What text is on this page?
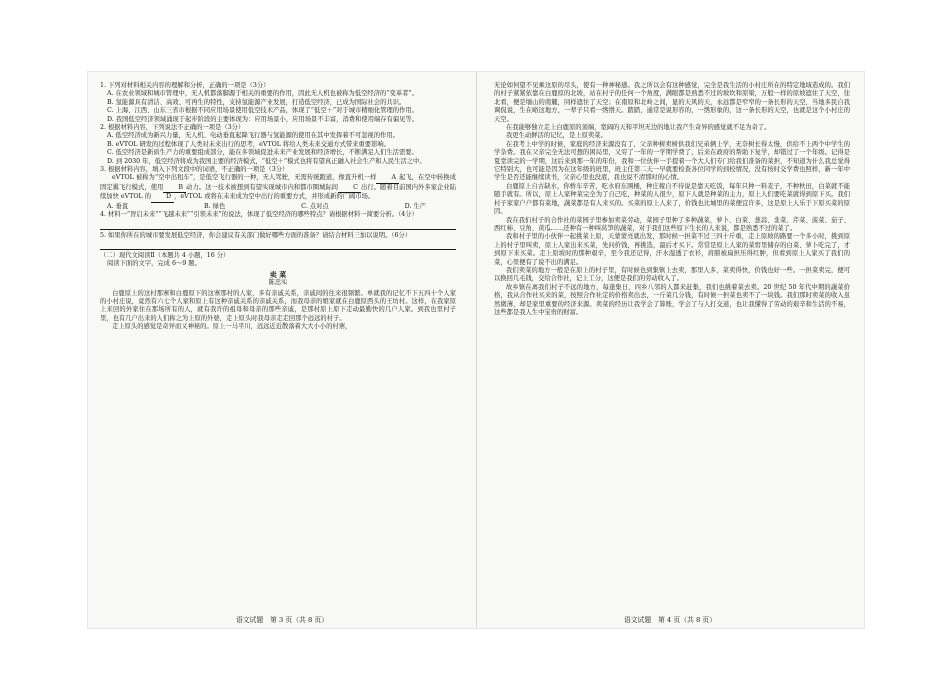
1. 下列对材料相关内容的理解和分析，正确的一项是（3分）

A. 在农业领域和城市管理中，无人机都落脚源于相关的重要的作用，因此无人机也被称为低空经济的“变革者”。

B. 氢能源具有清洁、高效、可再生的特性，支持氢能源产业发展，打造低空经济，已成为国际社会的共识。

C. 上海、江西、山东三省市根据不同应用场景使用低空技术产品，体现了“低空＋”对于城市精细化管理的作用。

D. 我国低空经济领域涌现于起步阶段的主要体现为：应用场景小，应用场景不丰富，消费和使用端存有偏见等。

2. 根据材料内容，下列说法不正确的一项是（3分）

A. 低空经济成为新兴力量，无人机、电动垂直起降飞行器与氢能源的使用在其中发挥着不可忽视的作用。

B. eVTOL 研发的过程体现了人类对未来出行的思考，eVTOL 将给人类未来交通方式带来重要影响。

C. 低空经济是新质生产力的重要组成部分，能在多领域促进未来产业发展和经济增长，不断满足人们生活需要。

D. 到 2030 年，低空经济将成为我国主要的经济模式，“低空＋”模式也将有望真正融入社会生产和人民生活之中。

3. 根据材料内容，填入下列文段中的词语，不正确的一项是（3分）

eVTOL 被称为“空中出租车”，是低空飞行器的一种，无人驾驶，无需传统跑道，像直升机一样 A 起飞，在空中转换成固定翼飞行模式，使用 B 动力。这一技术被想到有望实现城市内和都市圈城际间 C 出行。随着目前国内外多家企业陆续加快 eVTOL 的 D ，eVTOL 或将在未来成为空中出行的重要方式，并形成新的广阔市场。

A. 垂直	B. 绿色	C. 点对点	D. 生产

4. 材料一“智启未来”“飞越未来”“引领未来”的说法，体现了低空经济的哪些特点？请根据材料一简要分析。（4分）

5. 如果你所在的城市要发展低空经济，你会建议有关部门做好哪些方面的准备？请结合材料三加以说明。（6分）

（二）现代文阅读Ⅱ（本题共 4 小题，16 分）

阅读下面的文字，完成 6～9 题。

卖 菜

陈忠实

白鹿原上的这村那寨和白鹿原下的这寨那村的人家，多有亲戚关系，亲戚间的往来很频繁。单就我的记忆不下五四十个人家的小村庄说，竟然有六七个人家和原上有这种亲戚关系的亲戚关系，而我母亲的娘家就在白鹿原西头的王坊村。这样，在我家原上来回的外家住在那场所有的人，就有我许的祖母和母亲的那些亲戚，是那村原上原下走动最勤快的几户人家。到我也里村子里，也有几户出来的人们称之为上原的外婆，走上原头时我母亲走走回那个远远的村子。

走上原头的感觉是奇异而又神秘的。原上一马平川，远远近近散落着大大小小的村寨，

无论如何望不见乘这原的尽头，使有一种神秘感。我之所以会有这种感觉，完全是我生活的小村庄所在的特定地域造成的。我们的村子紧紧依靠在白鹿原的北坡，站在村子的任何一个角度，满眼都是熟悉不过的坡坎和原梁，万般一样的原坡遮住了天空，往北看，便是缅山的南麓，同样遮住了天空；在南原和北岭之间，显的天风的天，永远都是窄窄的一条长形的天空，当地多民自我调侃说，生在峪这地方，一辈子只看一绺绺天。踏踏，通常是说形容的，一绺形象的，这一条长形的天空，也就是这个小村庄的天空。

在我能够独立走上白鹿原的顶端，宽阔的天和平坦无边的地让我产生奇异的感觉就不足为奇了。

我更生动鲜活的记忆，是上原卖菜。

在我考上中学的时候，家庭的经济来源没有了，父亲种树卖树供我们兄弟俩上学，无奈树长得太慢，供给不上两个中学生的学杂费。我在父亲完全无法可想的困局里，又穷了一年的一学期学费了，后来在政府的帮助下复学，却错过了一个年级。记得是夏堂读完的一学期，这后来到那一年的年份，我和一位伙伴一手提着一个大人们专门给我们准备的菜担，不知道为什么我总觉得它特别大，也可能是因为在这年级的班里，班主任第二天一早就要检查各位同学的到校情况，没有按时交学费也照样，新一年中学生是否还能继续读书，父亲心里也没底，我也说不清那时的心情。

白鹿原上自古缺水，你桥车辛苦，吃水府东围桶，种庄稼自不待说是靠天吃饭，每年只种一料麦子，不种秋田，白菜就不能随手就有。所以，原上人家种菜完全为了自己吃，种菜的人很少，原下人就是种菜的主力，原上人们要吃菜就得到原下买。我们村子家家户户都有菜地，蔬菜都是有人来买的。买菜的原上人来了，价钱也比城里的菜便宜许多，这是原上人乐于下原买菜的原因。

我在我们村子的合作社的菜园子里参加卖菜劳动，菜园子里种了多种蔬菜，萝卜、白菜、葱蒜、韭菜、芹菜、菠菜、茄子、西红柿、豆角、黄瓜……还种有一种叫莴笋的蔬菜，对于我们这些原下生长的人来说，都是熟悉不过的菜了。

我和村子里的小伙伴一起挑菜上原，天蒙蒙亮就出发，那时候一担菜不过三四十斤重，走上原坡的路要一个多小时，挑到原上的村子里叫卖，原上人家出来买菜，先问价钱，再挑选，最后才买下。常常是原上人家的菜窖里储存的白菜、萝卜吃完了，才到原下来买菜。走上原坡时的那种艰辛，至今我还记得，汗水湿透了衣衫，肩膀被扁担压得红肿，但看到原上人家买了我们的菜，心里便有了说不出的满足。

我们卖菜的地方一般是在原上的村子里，有时候也到集镇上去卖，那里人多，菜卖得快，价钱也好一些。一担菜卖完，便可以换回几毛钱，交给合作社，记上工分，这便是我们的劳动收入了。

故乡镇在离我们村子不远的地方，每逢集日，四乡八邻的人都来赶集，我们也挑着菜去卖。20 世纪 50 年代中期的蔬菜价格，我从合作社买来的菜，按照合作社定的价格卖出去，一斤菜几分钱，有时候一担菜也卖不了一块钱。我们那时卖菜的收入虽然微薄，却是家里重要的经济来源。卖菜的经历让我学会了算账，学会了与人打交道，也让我懂得了劳动的艰辛和生活的不易，这些都是我人生中宝贵的财富。

语文试题　第 3 页（共 8 页）	语文试题　第 4 页（共 8 页）
